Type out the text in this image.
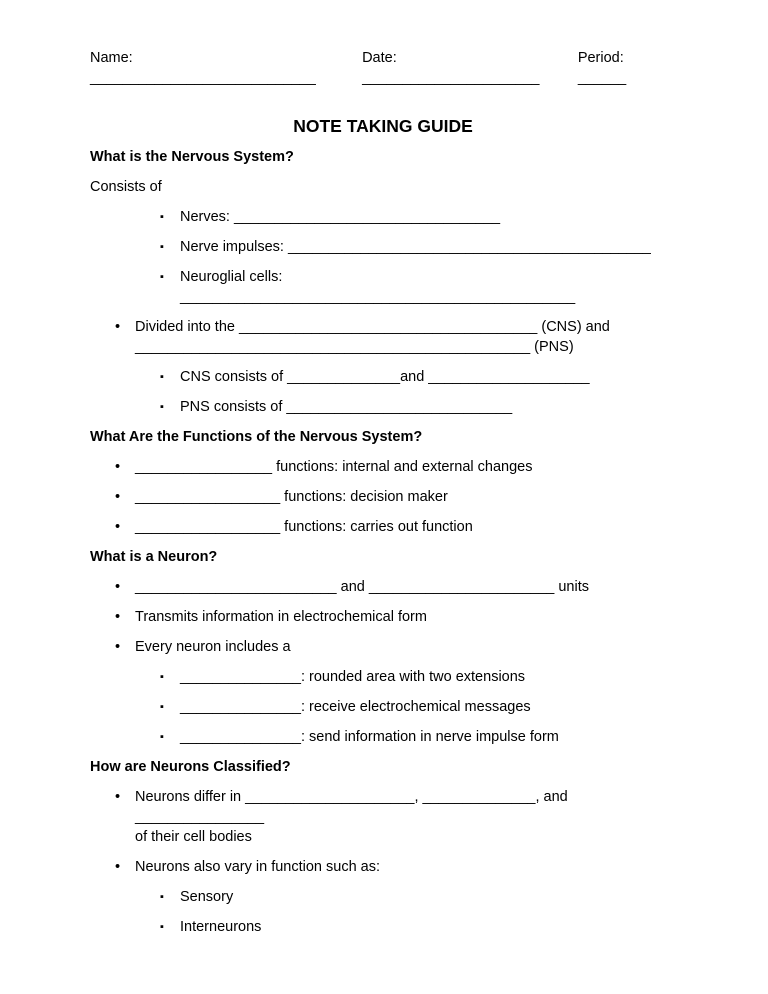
Name: ____________________________
Date: ______________________
Period: ______
NOTE TAKING GUIDE
What is the Nervous System?
Consists of
▪	Nerves: _________________________________
▪	Nerve impulses: _____________________________________________
▪	Neuroglial cells: _________________________________________________
•	Divided into the _____________________________________ (CNS) and
_________________________________________________ (PNS)
▪	CNS consists of ______________and ____________________
▪	PNS consists of ____________________________
What Are the Functions of the Nervous System?
•	_________________ functions: internal and external changes
•	__________________ functions: decision maker
•	__________________ functions: carries out function
What is a Neuron?
•	_________________________ and _______________________ units
•	Transmits information in electrochemical form
•	Every neuron includes a
▪	_______________: rounded area with two extensions
▪	_______________: receive electrochemical messages
▪	_______________: send information in nerve impulse form
How are Neurons Classified?
•	Neurons differ in _____________________, ______________, and ________________
of their cell bodies
•	Neurons also vary in function such as:
▪	Sensory
▪	Interneurons
